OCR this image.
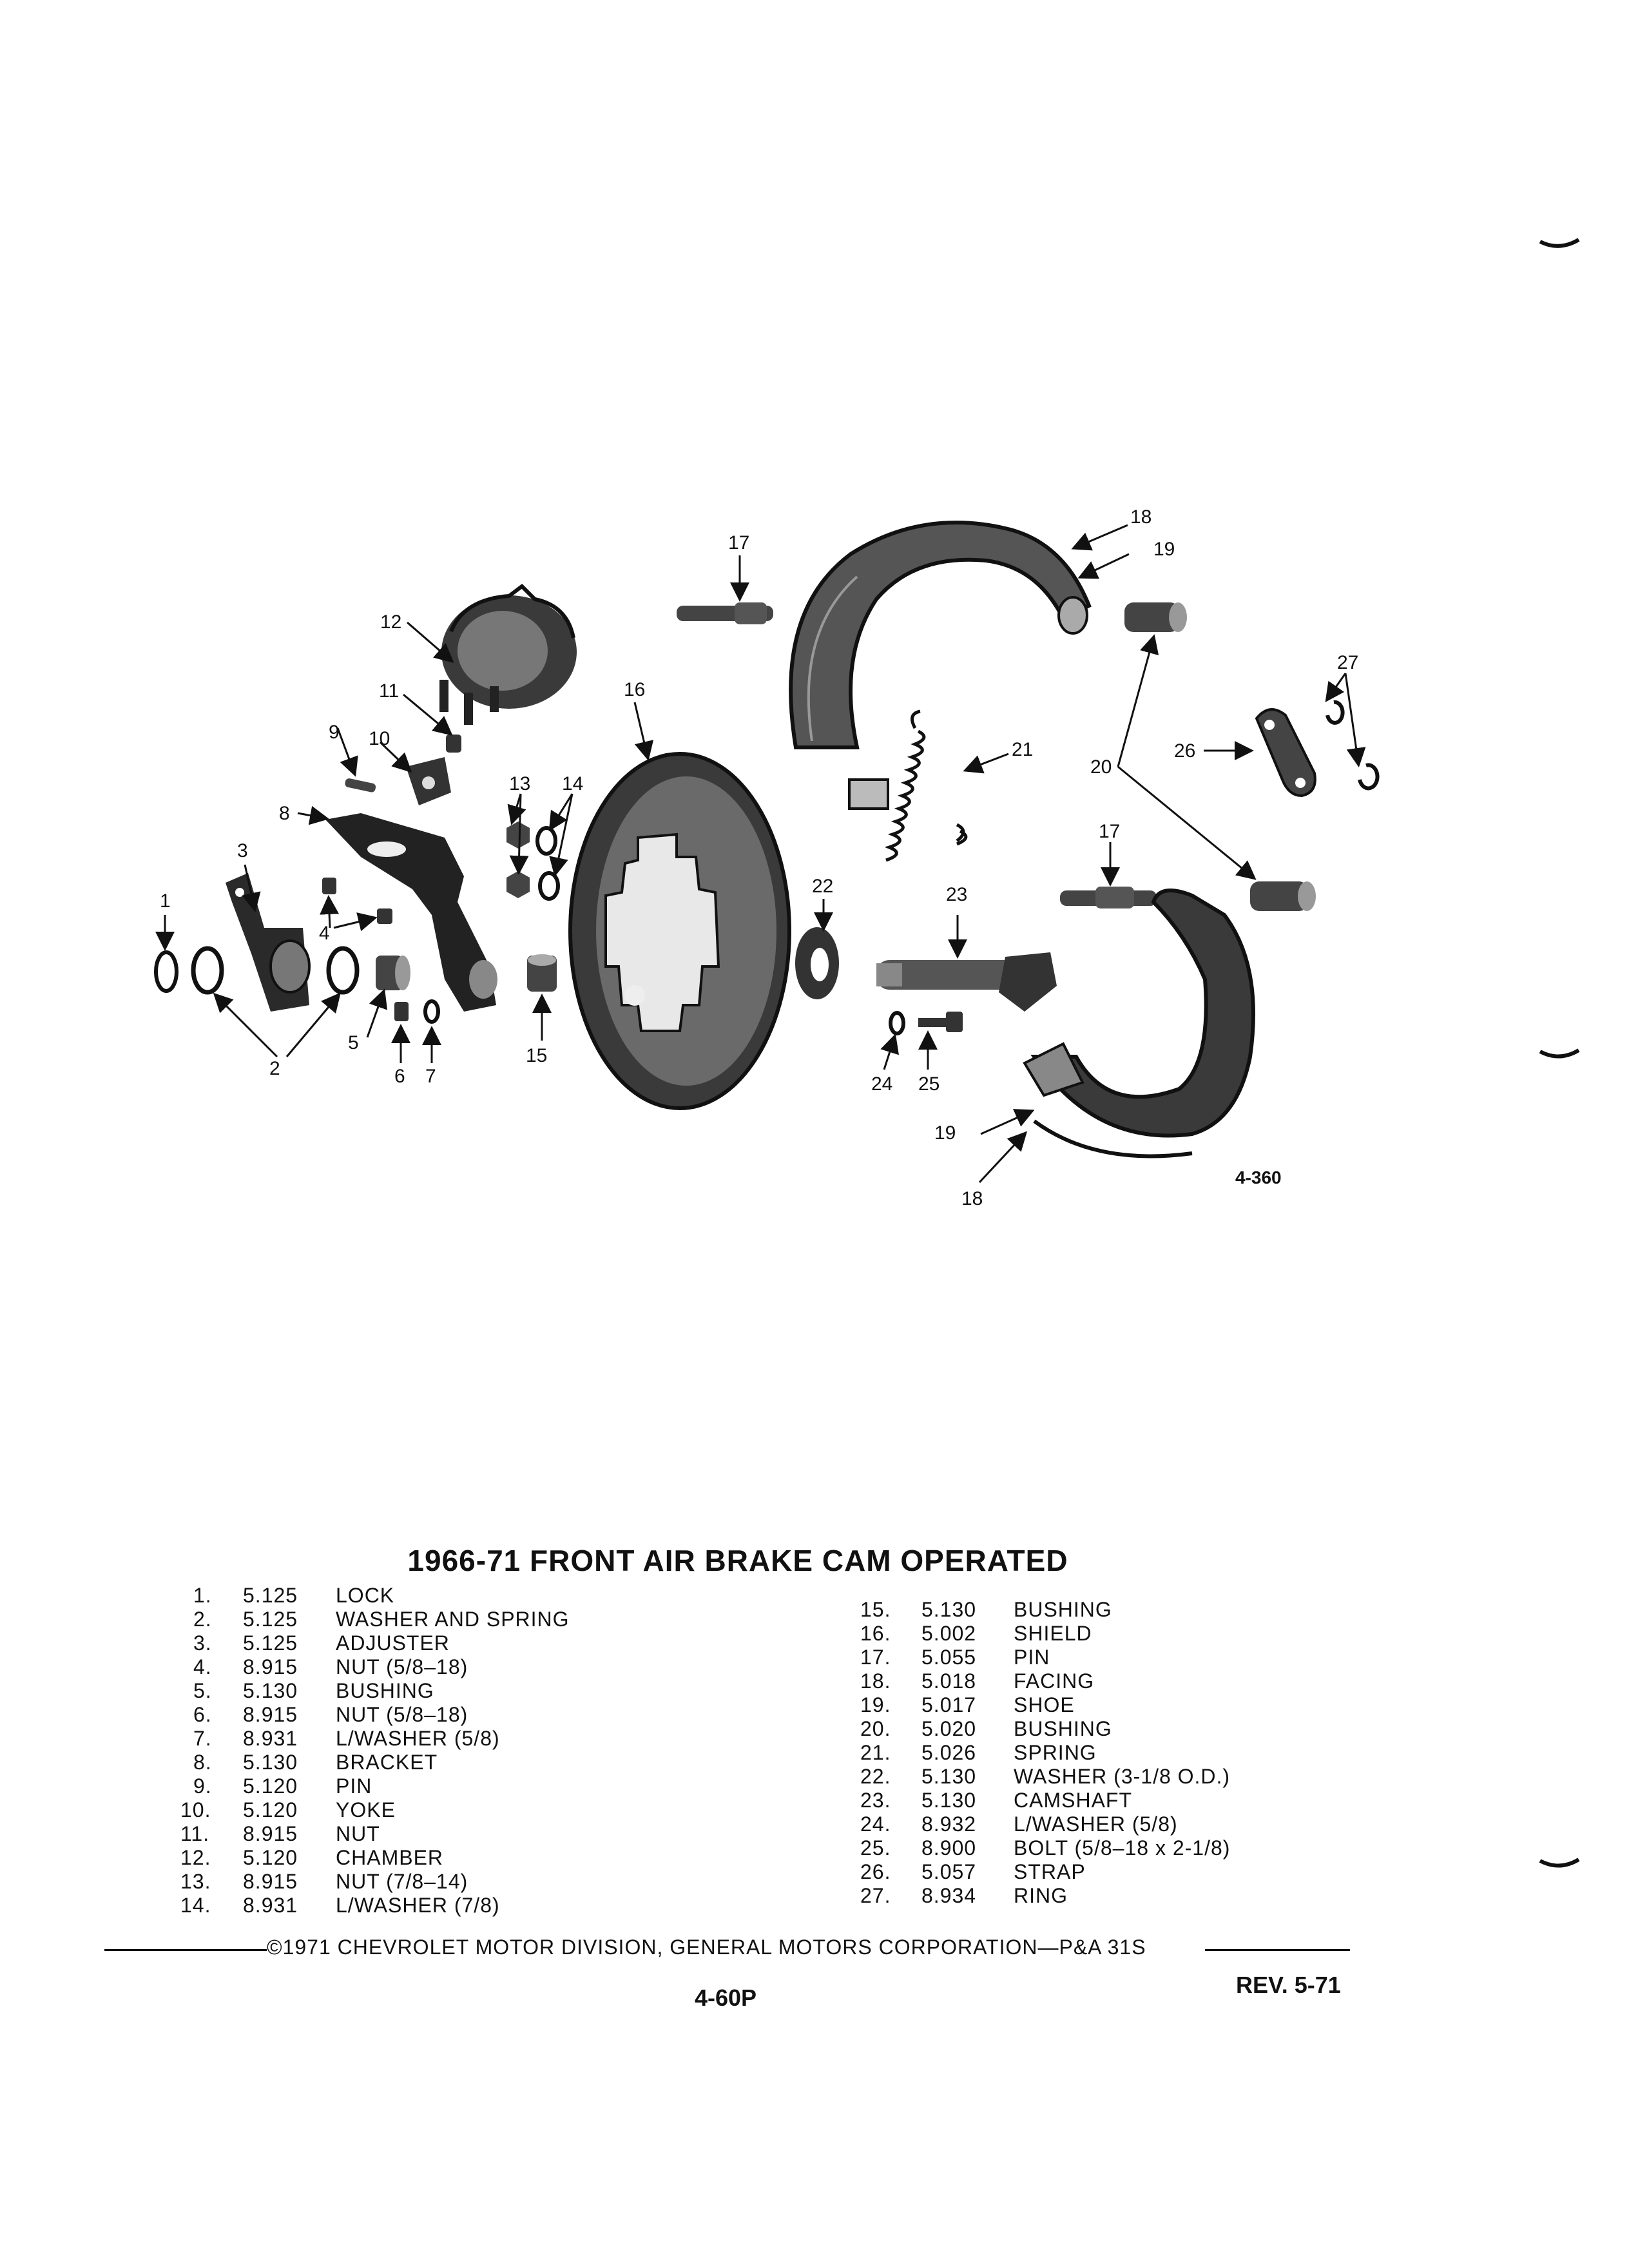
1
2
3
4
5
6 7
8
9 10
11
12
13 14
15
16
17
17
18
18
19
19
20
21
22	23
24 25
26
27
4-360
1966-71 FRONT AIR BRAKE CAM OPERATED
1. 5.125 LOCK
2. 5.125 WASHER AND SPRING
3. 5.125 ADJUSTER
4. 8.915 NUT (5/8–18)
5. 5.130 BUSHING
6. 8.915 NUT (5/8–18)
7. 8.931 L/WASHER (5/8)
8. 5.130 BRACKET
9. 5.120 PIN
10. 5.120 YOKE
11. 8.915 NUT
12. 5.120 CHAMBER
13. 8.915 NUT (7/8–14)
14. 8.931 L/WASHER (7/8)
15. 5.130 BUSHING
16. 5.002 SHIELD
17. 5.055 PIN
18. 5.018 FACING
19. 5.017 SHOE
20. 5.020 BUSHING
21. 5.026 SPRING
22. 5.130 WASHER (3-1/8 O.D.)
23. 5.130 CAMSHAFT
24. 8.932 L/WASHER (5/8)
25. 8.900 BOLT (5/8–18 x 2-1/8)
26. 5.057 STRAP
27. 8.934 RING
©1971 CHEVROLET MOTOR DIVISION, GENERAL MOTORS CORPORATION—P&A 31S
REV. 5-71
4-60P
